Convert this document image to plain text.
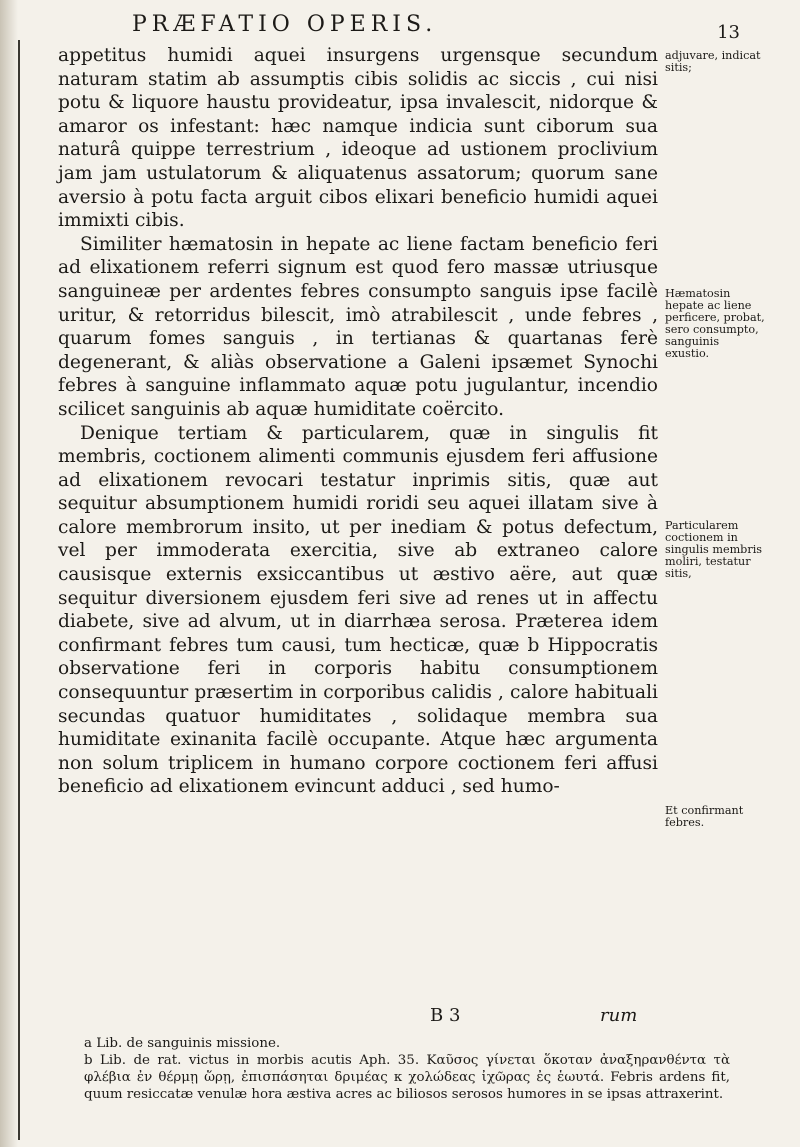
PRÆFATIO OPERIS.	13

appetitus humidi aquei insurgens urgensque secundum naturam statim ab assumptis cibis solidis ac siccis , cui nisi potu & liquore haustu provideatur, ipsa invalescit, nidorque & amaror os infestant: hæc namque indicia sunt ciborum sua naturâ quippe terrestrium , ideoque ad ustionem proclivium jam jam ustulatorum & aliquatenus assatorum; quorum sane aversio à potu facta arguit cibos elixari beneficio humidi aquei immixti cibis.

Similiter hæmatosin in hepate ac liene factam beneficio feri ad elixationem referri signum est quod fero massæ utriusque sanguineæ per ardentes febres consumpto sanguis ipse facilè uritur, & retorridus bilescit, imò atrabilescit , unde febres , quarum fomes sanguis , in tertianas & quartanas ferè degenerant, & aliàs observatione a Galeni ipsæmet Synochi febres à sanguine inflammato aquæ potu jugulantur, incendio scilicet sanguinis ab aquæ humiditate coërcito.

Denique tertiam & particularem, quæ in singulis fit membris, coctionem alimenti communis ejusdem feri affusione ad elixationem revocari testatur inprimis sitis, quæ aut sequitur absumptionem humidi roridi seu aquei illatam sive à calore membrorum insito, ut per inediam & potus defectum, vel per immoderata exercitia, sive ab extraneo calore causisque externis exsiccantibus ut æstivo aëre, aut quæ sequitur diversionem ejusdem feri sive ad renes ut in affectu diabete, sive ad alvum, ut in diarrhæa serosa. Præterea idem confirmant febres tum causi, tum hecticæ, quæ b Hippocratis observatione feri in corporis habitu consumptionem consequuntur præsertim in corporibus calidis , calore habituali secundas quatuor humiditates , solidaque membra sua humiditate exinanita facilè occupante. Atque hæc argumenta non solum triplicem in humano corpore coctionem feri affusi beneficio ad elixationem evincunt adduci , sed humo-

adjuvare, indicat sitis;
Hæmatosin hepate ac liene perficere, probat, sero consumpto, sanguinis exustio.
Particularem coctionem in singulis membris moliri, testatur sitis,
Et confirmant febres.
B 3	rum

a Lib. de sanguinis missione.

b Lib. de rat. victus in morbis acutis Aph. 35. Καῦσος γίνεται ὅκοταν ἀναξηρανθέντα τὰ φλέβια ἐν θέρμῃ ὥρῃ, ἐπισπάσηται δριμέας κ χολώδεας ἰχῶρας ἐς ἑωυτά. Febris ardens fit, quum resiccatæ venulæ hora æstiva acres ac biliosos serosos humores in se ipsas attraxerint.
